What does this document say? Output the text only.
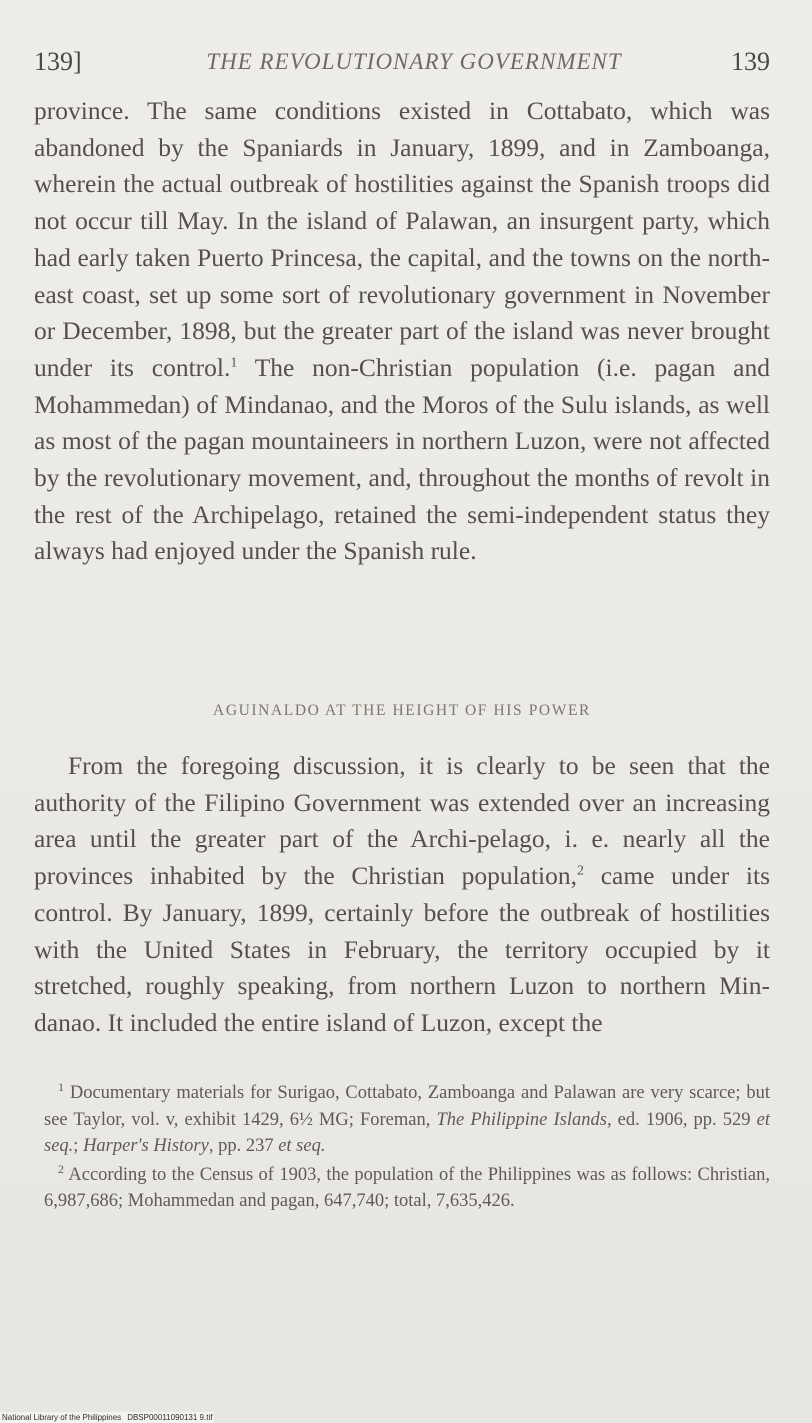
139]	THE REVOLUTIONARY GOVERNMENT	139

province. The same conditions existed in Cottabato, which was abandoned by the Spaniards in January, 1899, and in Zamboanga, wherein the actual outbreak of hostilities against the Spanish troops did not occur till May. In the island of Palawan, an insurgent party, which had early taken Puerto Princesa, the capital, and the towns on the north-east coast, set up some sort of revolutionary government in November or December, 1898, but the greater part of the island was never brought under its control.$^1$ The non-Christian population (i.e. pagan and Mohammedan) of Mindanao, and the Moros of the Sulu islands, as well as most of the pagan mountaineers in northern Luzon, were not affected by the revolutionary movement, and, throughout the months of revolt in the rest of the Archipelago, retained the semi-independent status they always had enjoyed under the Spanish rule.

AGUINALDO AT THE HEIGHT OF HIS POWER

From the foregoing discussion, it is clearly to be seen that the authority of the Filipino Government was extended over an increasing area until the greater part of the Archi-pelago, i. e. nearly all the provinces inhabited by the Christian population,$^2$ came under its control. By January, 1899, certainly before the outbreak of hostilities with the United States in February, the territory occupied by it stretched, roughly speaking, from northern Luzon to northern Min-danao. It included the entire island of Luzon, except the

$^1$ Documentary materials for Surigao, Cottabato, Zamboanga and Palawan are very scarce; but see Taylor, vol. v, exhibit 1429, 6½ MG; Foreman, The Philippine Islands, ed. 1906, pp. 529 et seq.; Harper's History, pp. 237 et seq.

$^2$ According to the Census of 1903, the population of the Philippines was as follows: Christian, 6,987,686; Mohammedan and pagan, 647,740; total, 7,635,426.

National Library of the Philippines DBSP00011090131 9.tif
